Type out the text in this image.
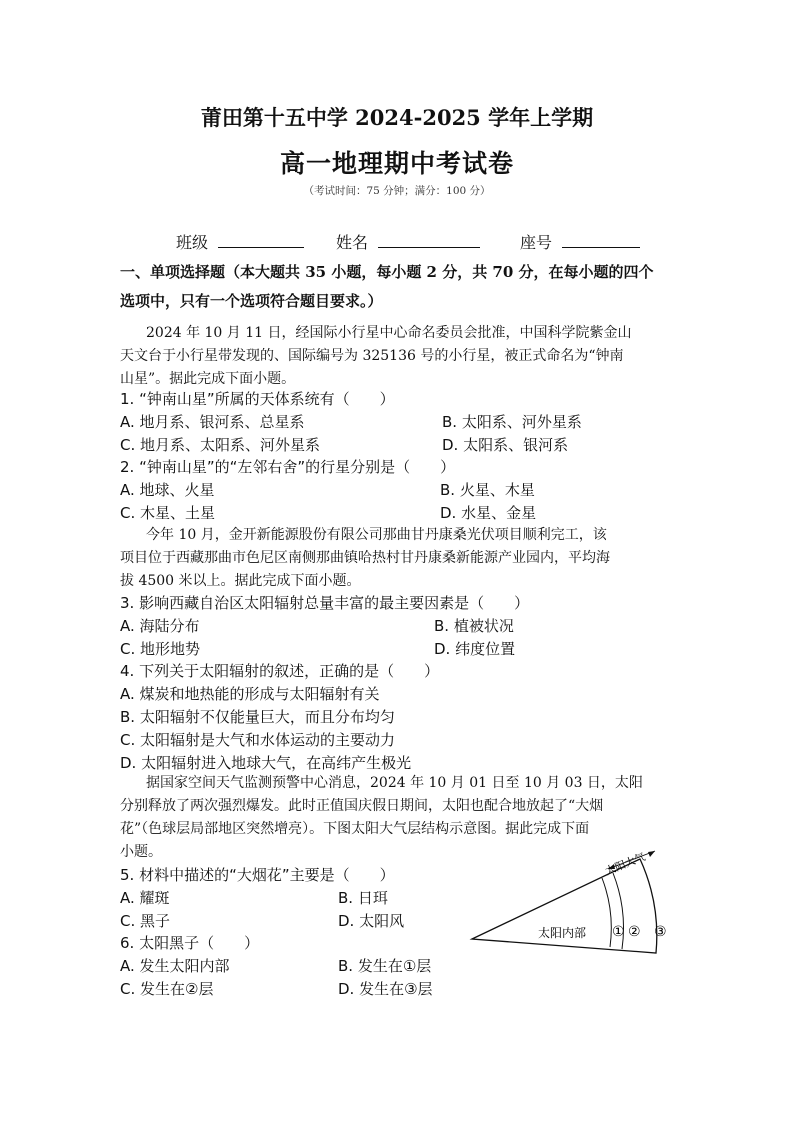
莆田第十五中学 2024-2025 学年上学期
高一地理期中考试卷
（考试时间：75 分钟；满分：100 分）
班级	姓名	座号
一、单项选择题（本大题共 35 小题，每小题 2 分，共 70 分，在每小题的四个
选项中，只有一个选项符合题目要求。）
2024 年 10 月 11 日，经国际小行星中心命名委员会批准，中国科学院紫金山
天文台于小行星带发现的、国际编号为 325136 号的小行星，被正式命名为“钟南
山星”。据此完成下面小题。
1. “钟南山星”所属的天体系统有（　　）
A. 地月系、银河系、总星系	B. 太阳系、河外星系
C. 地月系、太阳系、河外星系	D. 太阳系、银河系
2. “钟南山星”的“左邻右舍”的行星分别是（　　）
A. 地球、火星	B. 火星、木星
C. 木星、土星	D. 水星、金星
今年 10 月，金开新能源股份有限公司那曲甘丹康桑光伏项目顺利完工，该
项目位于西藏那曲市色尼区南侧那曲镇哈热村甘丹康桑新能源产业园内，平均海
拔 4500 米以上。据此完成下面小题。
3. 影响西藏自治区太阳辐射总量丰富的最主要因素是（　　）
A. 海陆分布	B. 植被状况
C. 地形地势	D. 纬度位置
4. 下列关于太阳辐射的叙述，正确的是（　　）
A. 煤炭和地热能的形成与太阳辐射有关
B. 太阳辐射不仅能量巨大，而且分布均匀
C. 太阳辐射是大气和水体运动的主要动力
D. 太阳辐射进入地球大气，在高纬产生极光
据国家空间天气监测预警中心消息，2024 年 10 月 01 日至 10 月 03 日，太阳
分别释放了两次强烈爆发。此时正值国庆假日期间，太阳也配合地放起了“大烟
花”（色球层局部地区突然增亮）。下图太阳大气层结构示意图。据此完成下面
小题。
5. 材料中描述的“大烟花”主要是（　　）
A. 耀斑	B. 日珥
C. 黑子	D. 太阳风
6. 太阳黑子（　　）
A. 发生太阳内部	B. 发生在①层
C. 发生在②层	D. 发生在③层
太阳大气
太阳内部 ① ② ③
